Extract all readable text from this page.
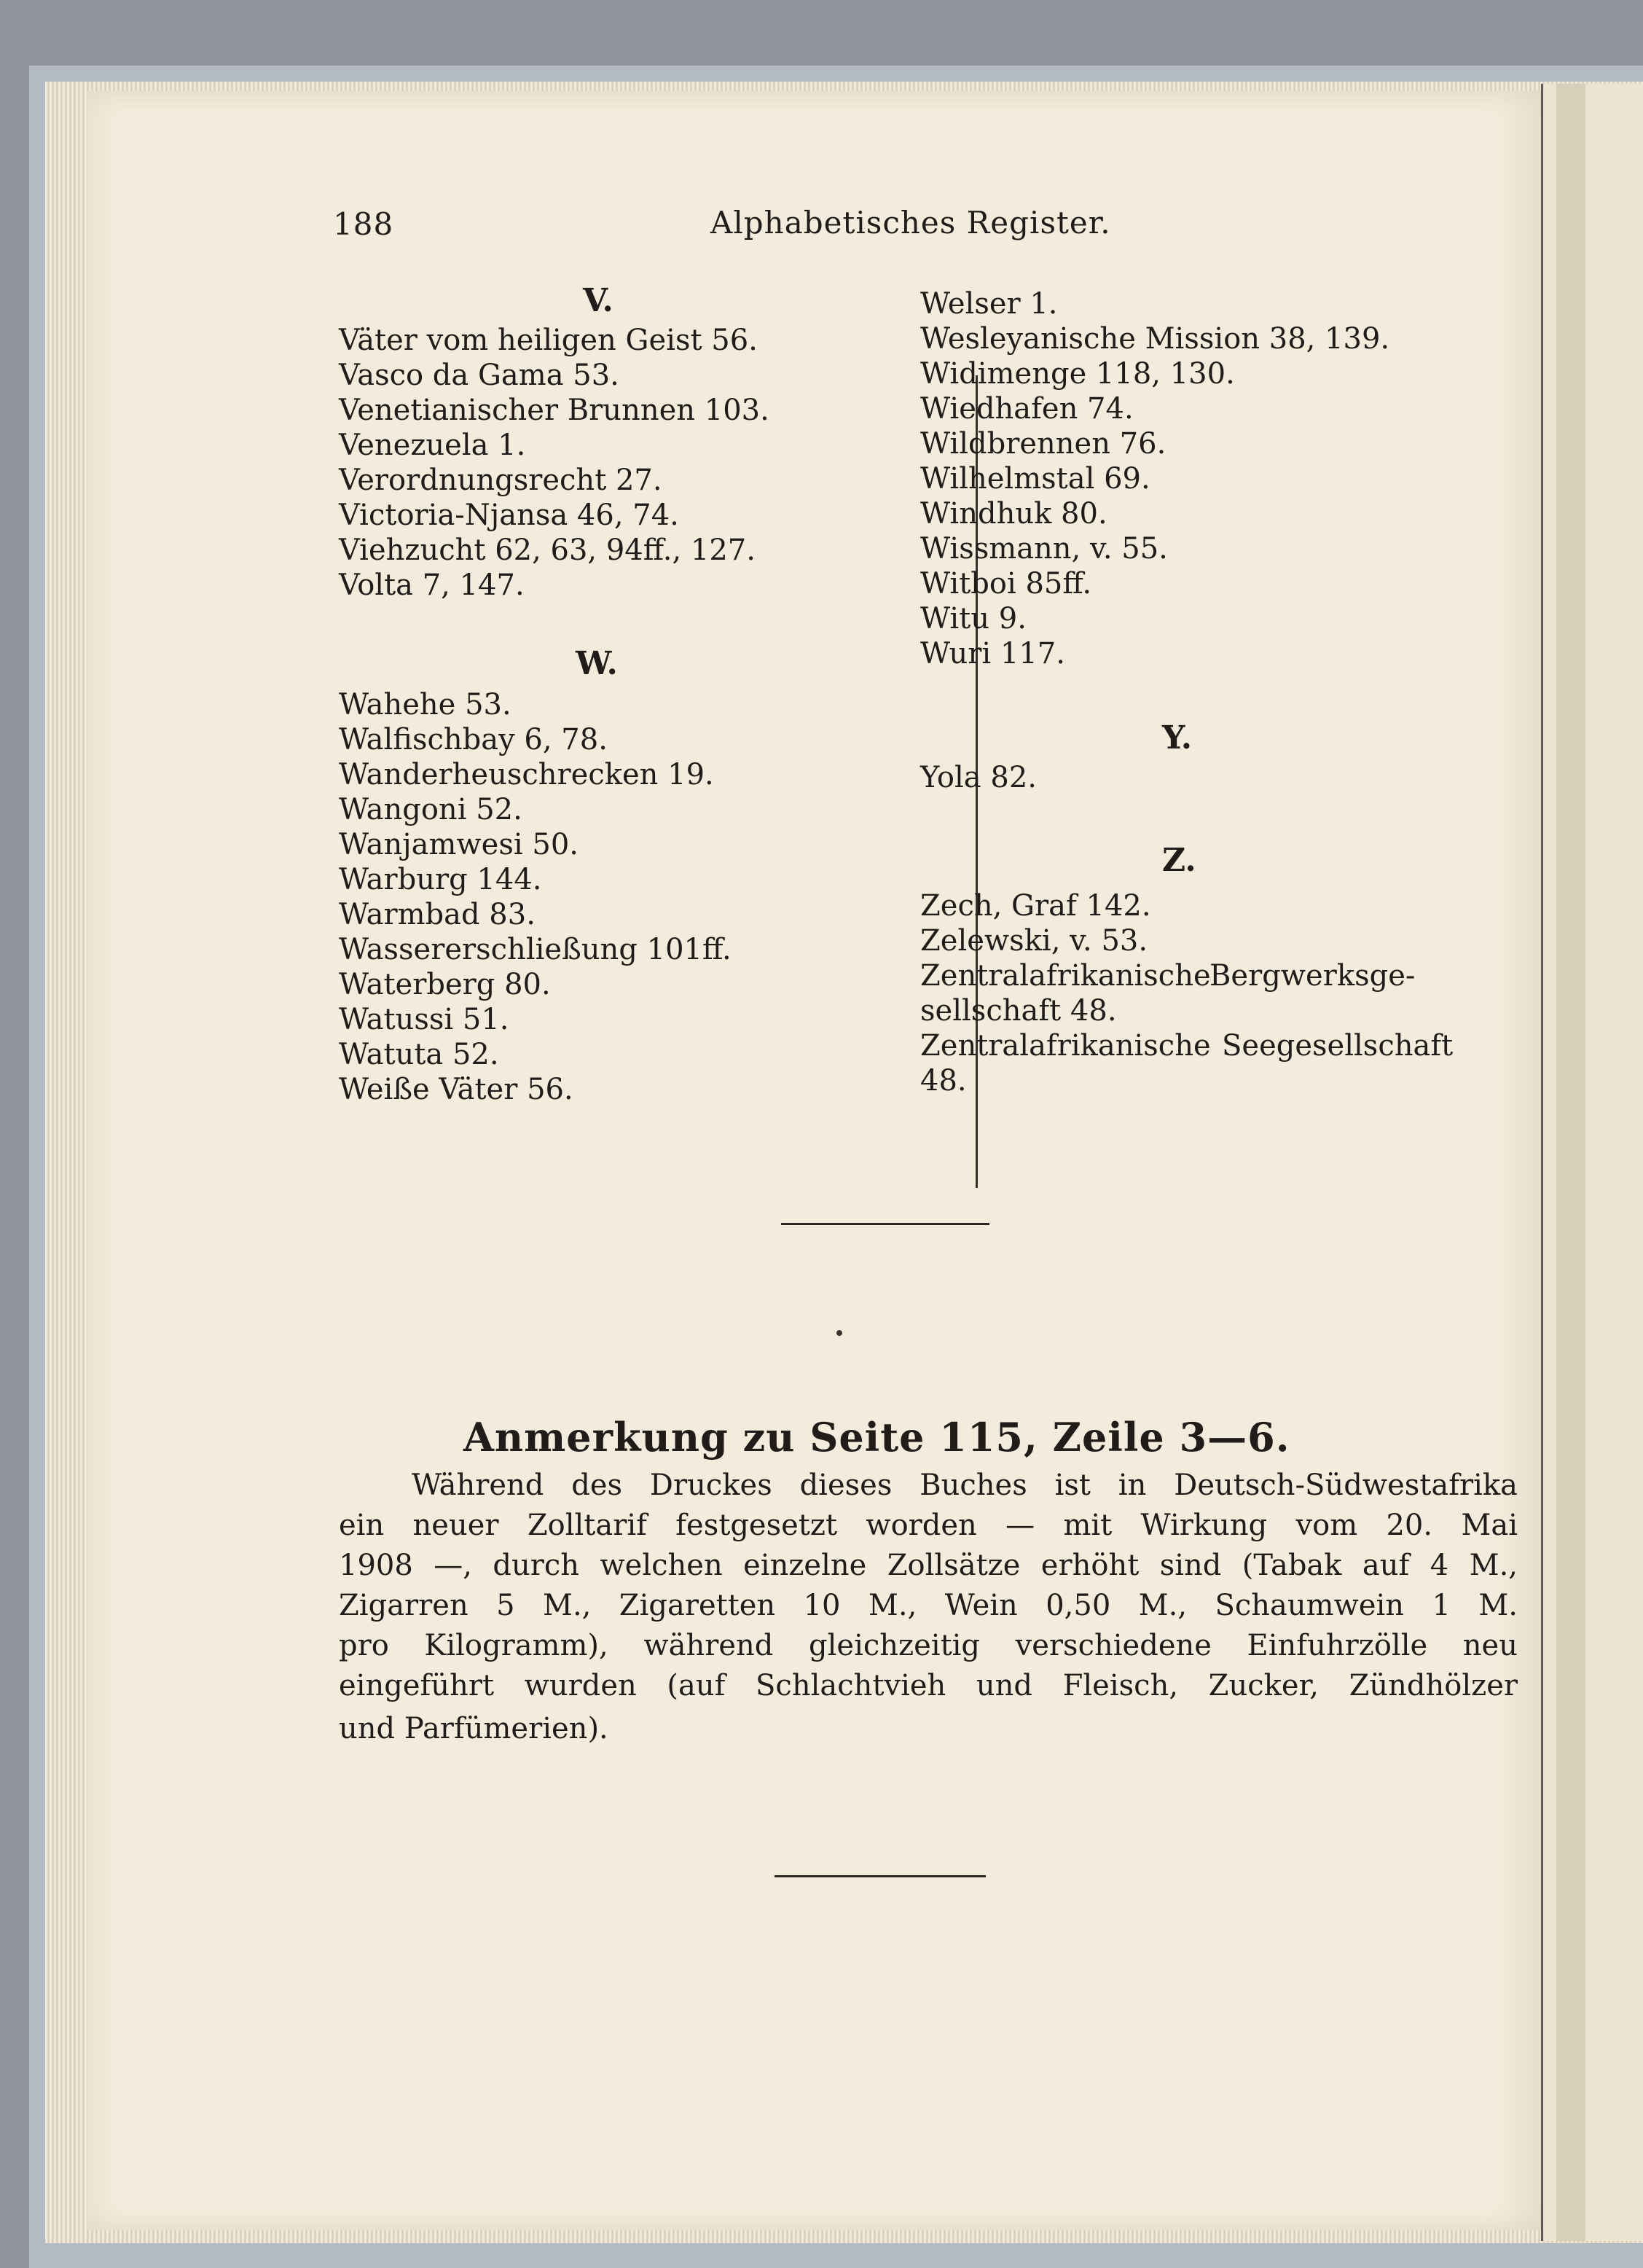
188	Alphabetisches Register.
V.
Väter vom heiligen Geist 56.
Vasco da Gama 53.
Venetianischer Brunnen 103.
Venezuela 1.
Verordnungsrecht 27.
Victoria-Njansa 46, 74.
Viehzucht 62, 63, 94ff., 127.
Volta 7, 147.
W.
Wahehe 53.
Walfischbay 6, 78.
Wanderheuschrecken 19.
Wangoni 52.
Wanjamwesi 50.
Warburg 144.
Warmbad 83.
Wassererschließung 101ff.
Waterberg 80.
Watussi 51.
Watuta 52.
Weiße Väter 56.
Welser 1.
Wesleyanische Mission 38, 139.
Widimenge 118, 130.
Wiedhafen 74.
Wildbrennen 76.
Wilhelmstal 69.
Windhuk 80.
Wissmann, v. 55.
Witboi 85ff.
Witu 9.
Wuri 117.
Y.
Yola 82.
Z.
Zech, Graf 142.
Zelewski, v. 53.
Zentralafrikanische
Bergwerksge-
sellschaft 48.
Zentralafrikanische Seegesellschaft
48.
Anmerkung zu Seite 115, Zeile 3—6.
Während des Druckes dieses Buches ist in Deutsch-Südwestafrika
ein neuer Zolltarif festgesetzt worden — mit Wirkung vom 20. Mai
1908 —, durch welchen einzelne Zollsätze erhöht sind (Tabak auf 4 M.,
Zigarren 5 M., Zigaretten 10 M., Wein 0,50 M., Schaumwein 1 M.
pro Kilogramm), während gleichzeitig verschiedene Einfuhrzölle neu
eingeführt wurden (auf Schlachtvieh und Fleisch, Zucker, Zündhölzer
und Parfümerien).
